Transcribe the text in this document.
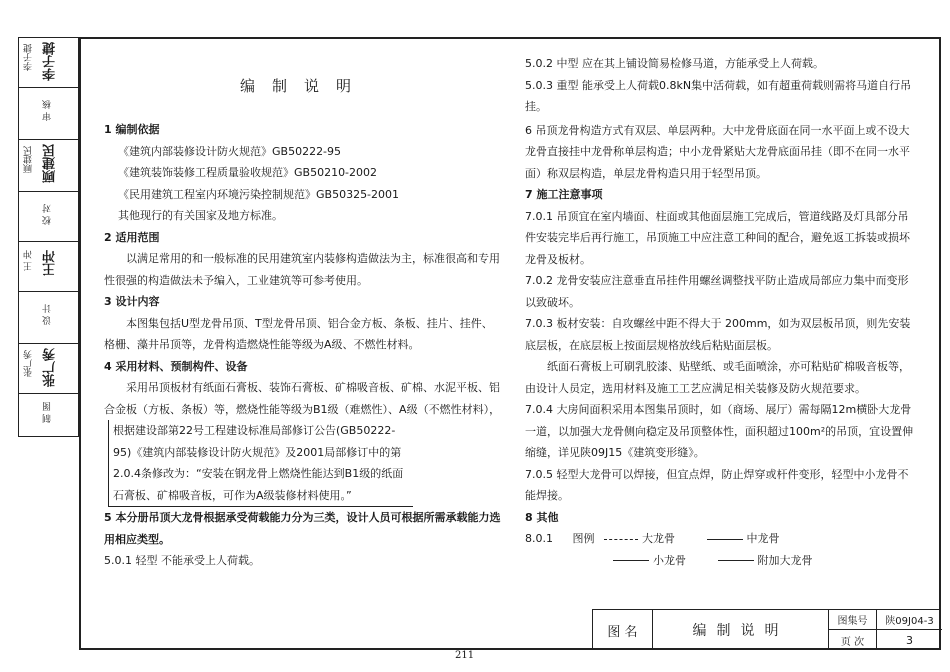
李子捷 李子捷
审 核
顾建民 顾建民
校 对
王 冲 王冲
设 计
张广秀 张广秀
制 图
编制说明
1 编制依据
《建筑内部装修设计防火规范》GB50222-95
《建筑装饰装修工程质量验收规范》GB50210-2002
《民用建筑工程室内环境污染控制规范》GB50325-2001
其他现行的有关国家及地方标准。
2 适用范围
以满足常用的和一般标准的民用建筑室内装修构造做法为主，标准很高和专用性很强的构造做法未予编入，工业建筑等可参考使用。
3 设计内容
本图集包括U型龙骨吊顶、T型龙骨吊顶、铝合金方板、条板、挂片、挂件、格栅、藻井吊顶等，龙骨构造燃烧性能等级为A级、不燃性材料。
4 采用材料、预制构件、设备
采用吊顶板材有纸面石膏板、装饰石膏板、矿棉吸音板、矿棉、水泥平板、铝合金板（方板、条板）等，燃烧性能等级为B1级（难燃性）、A级（不燃性材料），
根据建设部第22号工程建设标准局部修订公告(GB50222-95)《建筑内部装修设计防火规范》及2001局部修订中的第2.0.4条修改为：“安装在钢龙骨上燃烧性能达到B1级的纸面石膏板、矿棉吸音板，可作为A级装修材料使用。”
5 本分册吊顶大龙骨根据承受荷载能力分为三类，设计人员可根据所需承载能力选用相应类型。
5.0.1 轻型 不能承受上人荷载。
5.0.2 中型 应在其上铺设简易检修马道，方能承受上人荷载。
5.0.3 重型 能承受上人荷载0.8kN集中活荷载，如有超重荷载则需将马道自行吊挂。
6 吊顶龙骨构造方式有双层、单层两种。大中龙骨底面在同一水平面上或不设大龙骨直接挂中龙骨称单层构造；中小龙骨紧贴大龙骨底面吊挂（即不在同一水平面）称双层构造，单层龙骨构造只用于轻型吊顶。
7 施工注意事项
7.0.1 吊顶宜在室内墙面、柱面或其他面层施工完成后，管道线路及灯具部分吊件安装完毕后再行施工，吊顶施工中应注意工种间的配合，避免返工拆装或损坏龙骨及板材。
7.0.2 龙骨安装应注意垂直吊挂件用螺丝调整找平防止造成局部应力集中而变形以致破坏。
7.0.3 板材安装：自攻螺丝中距不得大于 200mm，如为双层板吊顶，则先安装底层板，在底层板上按面层规格放线后粘贴面层板。
纸面石膏板上可刷乳胶漆、贴壁纸、或毛面喷涂，亦可粘贴矿棉吸音板等，由设计人员定，选用材料及施工工艺应满足相关装修及防火规范要求。
7.0.4 大房间面积采用本图集吊顶时，如（商场、展厅）需每隔12m横卧大龙骨一道，以加强大龙骨侧向稳定及吊顶整体性，面积超过100m²的吊顶，宜设置伸缩缝，详见陕09J15《建筑变形缝》。
7.0.5 轻型大龙骨可以焊接，但宜点焊，防止焊穿或杆件变形，轻型中小龙骨不能焊接。
8 其他
8.0.1 图例	大龙骨	中龙骨
小龙骨	附加大龙骨
图 名	编制说明
图集号	陕09J04-3
页 次	3
211
